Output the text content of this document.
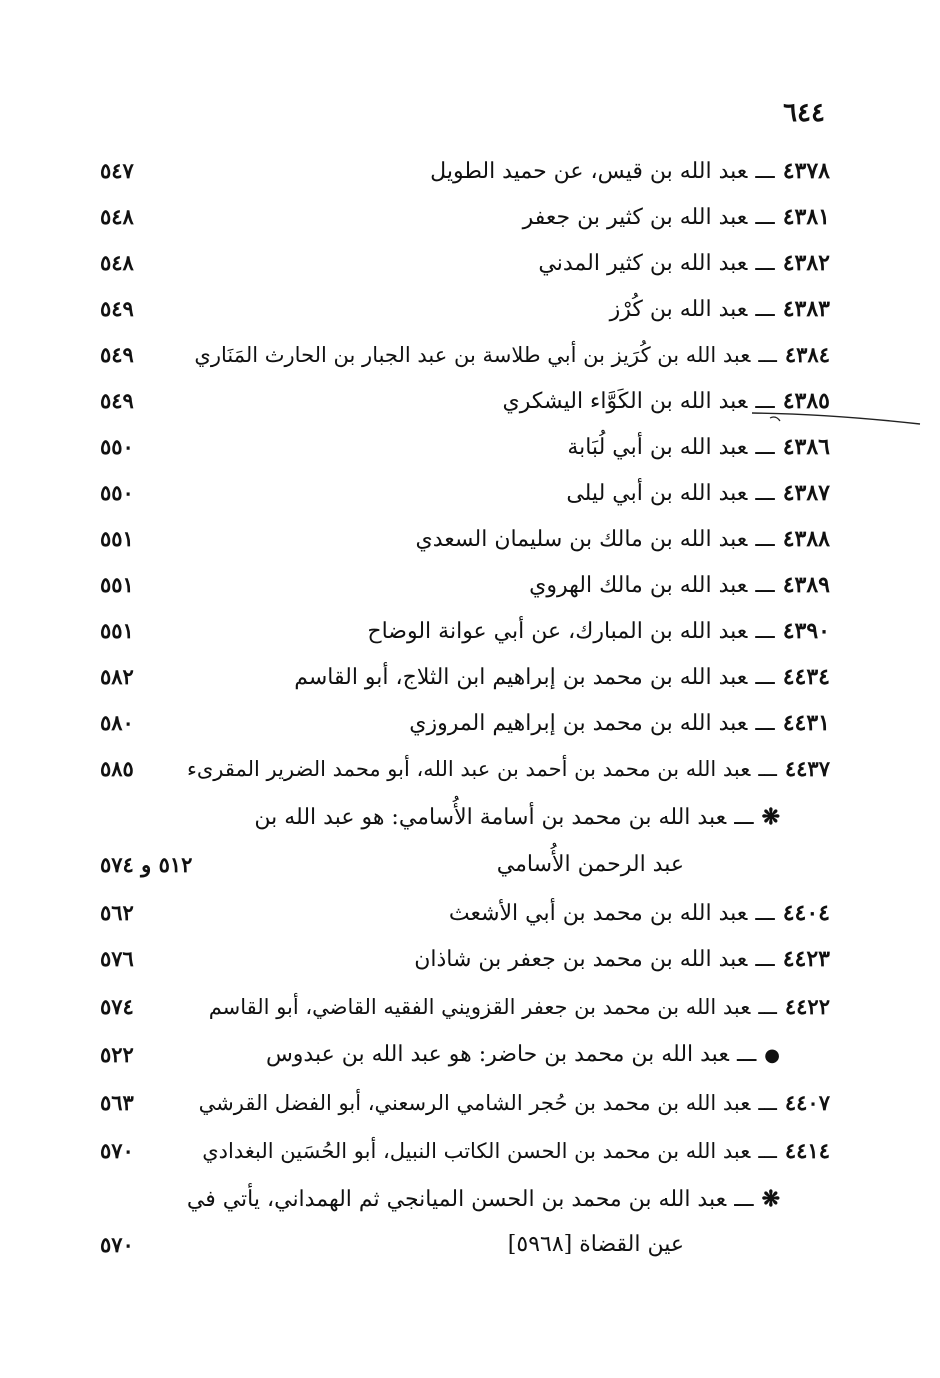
٦٤٤
٤٣٧٨ـــعبد الله بن قيس، عن حميد الطويل
٥٤٧
٤٣٨١ـــعبد الله بن كثير بن جعفر
٥٤٨
٤٣٨٢ـــعبد الله بن كثير المدني
٥٤٨
٤٣٨٣ـــعبد الله بن كُرْز
٥٤٩
٤٣٨٤ـــعبد الله بن كُرَيز بن أبي طلاسة بن عبد الجبار بن الحارث المَنَاري
٥٤٩
٤٣٨٥ـــعبد الله بن الكَوَّاء اليشكري
٥٤٩
٤٣٨٦ـــعبد الله بن أبي لُبَابة
٥٥٠
٤٣٨٧ـــعبد الله بن أبي ليلى
٥٥٠
٤٣٨٨ـــعبد الله بن مالك بن سليمان السعدي
٥٥١
٤٣٨٩ـــعبد الله بن مالك الهروي
٥٥١
٤٣٩٠ـــعبد الله بن المبارك، عن أبي عوانة الوضاح
٥٥١
٤٤٣٤ـــعبد الله بن محمد بن إبراهيم ابن الثلاج، أبو القاسم
٥٨٢
٤٤٣١ـــعبد الله بن محمد بن إبراهيم المروزي
٥٨٠
٤٤٣٧ـــعبد الله بن محمد بن أحمد بن عبد الله، أبو محمد الضرير المقرىء
٥٨٥
❋ـــعبد الله بن محمد بن أسامة الأُسامي: هو عبد الله بن
عبد الرحمن الأُسامي
٥١٢ و ٥٧٤
٤٤٠٤ـــعبد الله بن محمد بن أبي الأشعث
٥٦٢
٤٤٢٣ـــعبد الله بن محمد بن جعفر بن شاذان
٥٧٦
٤٤٢٢ـــعبد الله بن محمد بن جعفر القزويني الفقيه القاضي، أبو القاسم
٥٧٤
●ـــعبد الله بن محمد بن حاضر: هو عبد الله بن عبدوس
٥٢٢
٤٤٠٧ـــعبد الله بن محمد بن حُجر الشامي الرسعني، أبو الفضل القرشي
٥٦٣
٤٤١٤ـــعبد الله بن محمد بن الحسن الكاتب النبيل، أبو الحُسَين البغدادي
٥٧٠
❋ـــعبد الله بن محمد بن الحسن الميانجي ثم الهمداني، يأتي في
عين القضاة [٥٩٦٨]
٥٧٠
